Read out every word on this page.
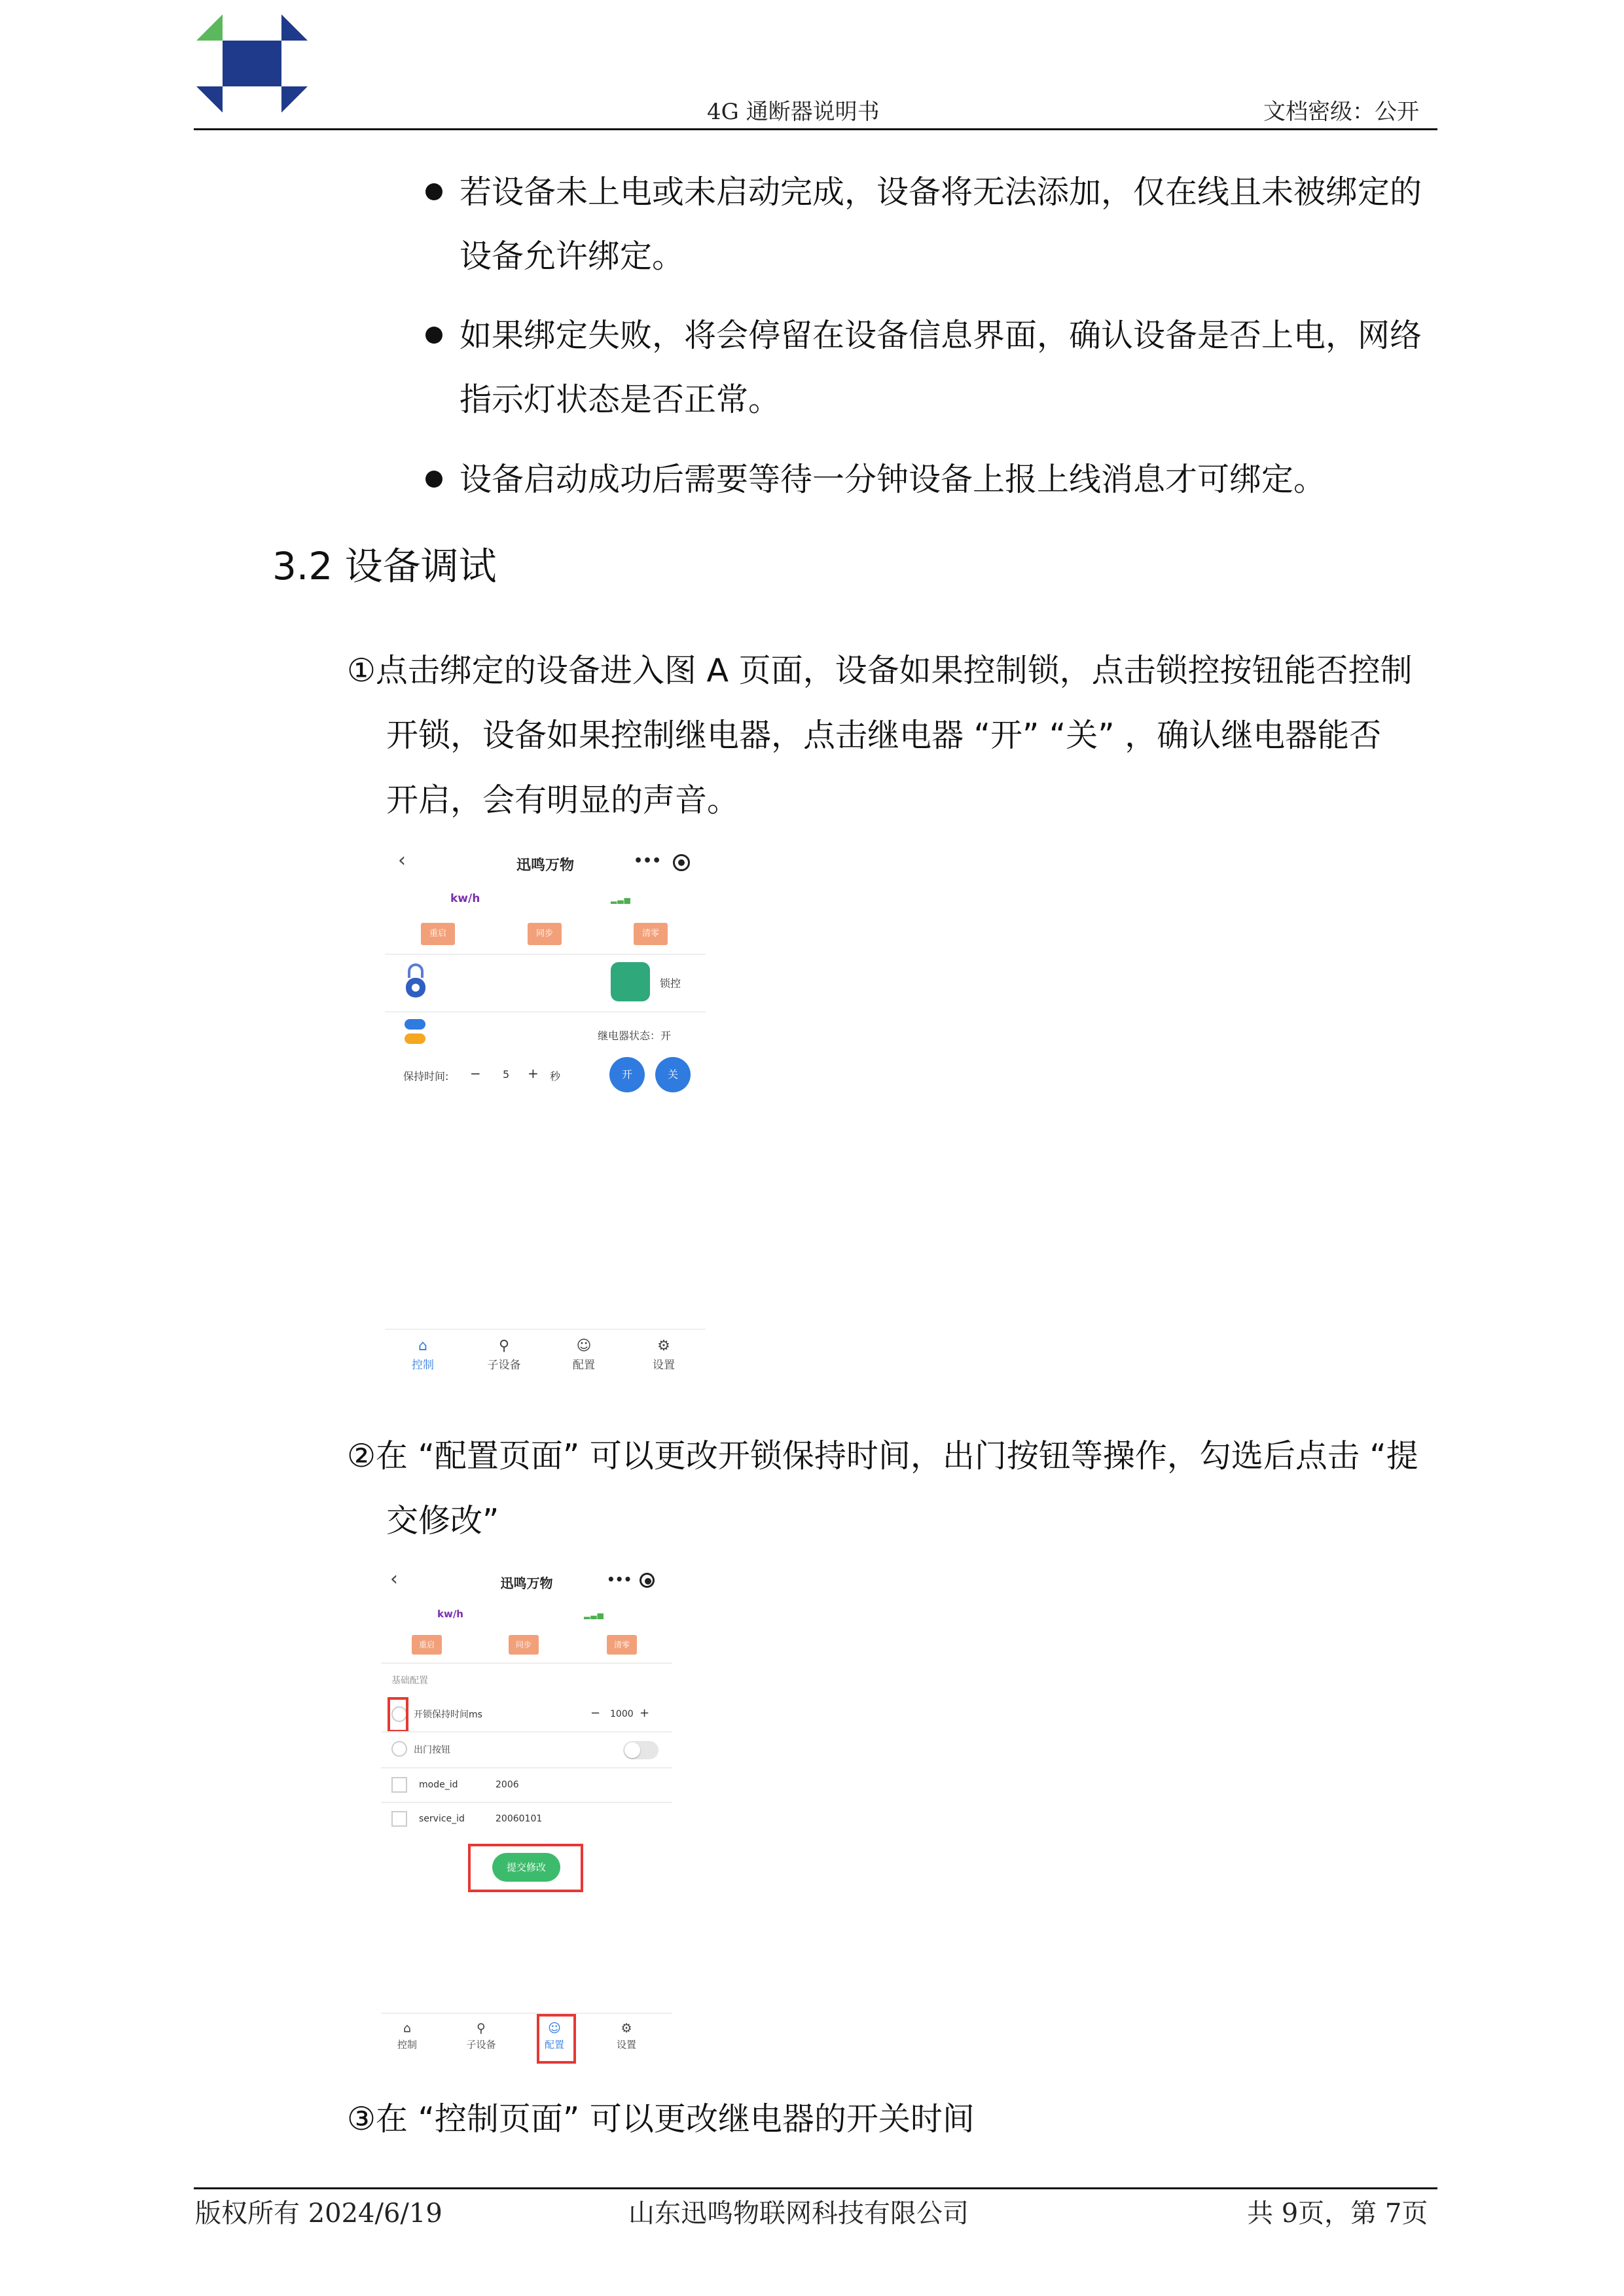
4G 通断器说明书	文档密级：公开
若设备未上电或未启动完成，设备将无法添加，仅在线且未被绑定的
设备允许绑定。
如果绑定失败，将会停留在设备信息界面，确认设备是否上电，网络
指示灯状态是否正常。
设备启动成功后需要等待一分钟设备上报上线消息才可绑定。
3.2 设备调试
①点击绑定的设备进入图 A 页面，设备如果控制锁，点击锁控按钮能否控制
开锁，设备如果控制继电器，点击继电器 “开” “关” ，确认继电器能否
开启，会有明显的声音。
‹	迅鸣万物	•••
kw/h	▂▃▅
重启	同步	清零
锁控
继电器状态：开
保持时间: − 5 + 秒	开	关
⌂
控制
⚲
子设备
☺
配置
⚙
设置
②在 “配置页面” 可以更改开锁保持时间，出门按钮等操作，勾选后点击 “提
交修改”
‹	迅鸣万物	•••
kw/h	▂▃▅
重启	同步	清零
基础配置
开锁保持时间ms	− 1000 +
出门按钮
mode_id	2006
service_id	20060101
提交修改
⌂
控制
⚲
子设备
☺
配置
⚙
设置
③在 “控制页面” 可以更改继电器的开关时间
版权所有 2024/6/19	山东迅鸣物联网科技有限公司	共 9页，第 7页
